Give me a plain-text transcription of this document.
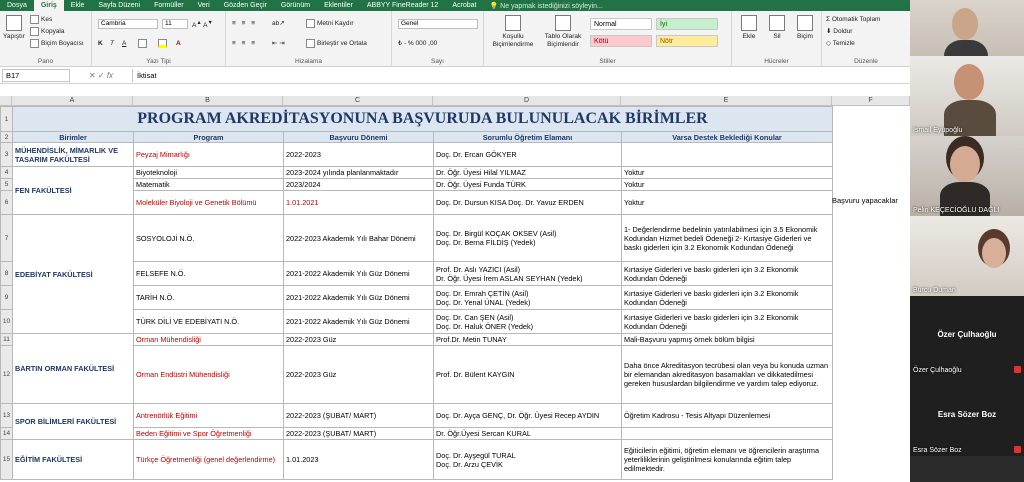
Dosya	Giriş	Ekle	Sayfa Düzeni	Formüller	Veri	Gözden Geçir	Görünüm	Eklentiler	ABBYY FineReader 12	Acrobat	💡 Ne yapmak istediğinizi söyleyin...
Yapıştır
Kes
Kopyala
Biçim Boyacısı
Pano
Cambria	11	A▲ A▼
K T A	A
Yazı Tipi
≡ ≡ ≡ ab↗	Metni Kaydır
≡ ≡ ≡ ⇤ ⇥	Birleştir ve Ortala
Hizalama
Genel
₺ - % 000 ,00
Sayı
Koşullu Biçimlendirme
Tablo Olarak Biçimlendir
Normal	İyi
Kötü	Nötr
Stiller
Ekle	Sil	Biçim
Hücreler
Σ Otomatik Toplam
⬇ Doldur
◇ Temizle
Düzenle
B17	✕ ✓ fx	İktisat
A	B	C	D	E	F
1	PROGRAM AKREDİTASYONUNA BAŞVURUDA BULUNULACAK BİRİMLER				
2	Birimler	Program	Başvuru Dönemi	Sorumlu Öğretim Elamanı	Varsa Destek Beklediği Konular
3	MÜHENDİSLİK, MİMARLIK VE TASARIM FAKÜLTESİ	Peyzaj Mimarlığı	2022-2023	Doç. Dr. Ercan GÖKYER	
4	FEN FAKÜLTESİ	Biyoteknoloji	2023-2024 yılında planlanmaktadır	Dr. Öğr. Üyesi Hilal YILMAZ	Yoktur
5		Matematik	2023/2024	Dr. Öğr. Üyesi Funda TÜRK	Yoktur
6		Moleküler Biyoloji ve Genetik Bölümü	1.01.2021	Doç. Dr. Dursun KISA Doç. Dr. Yavuz ERDEN	Yoktur
7	EDEBİYAT FAKÜLTESİ	SOSYOLOJİ N.Ö.	2022-2023 Akademik Yılı Bahar Dönemi	Doç. Dr. Birgül KOÇAK OKSEV (Asil)
Doç. Dr. Berna FİLDİŞ (Yedek)	1- Değerlendirme bedelinin yatırılabilmesi için 3.5 Ekonomik Kodundan Hizmet bedeli Ödeneği 2- Kırtasiye Giderleri ve baskı giderleri için 3.2 Ekonomik Kodundan Ödeneği
8		FELSEFE N.Ö.	2021-2022 Akademik Yılı Güz Dönemi	Prof. Dr. Aslı YAZICI (Asil)
Dr. Öğr. Üyesi İrem ASLAN SEYHAN (Yedek)	Kırtasiye Giderleri ve baskı giderleri için 3.2 Ekonomik Kodundan Ödeneği
9		TARİH N.Ö.	2021-2022 Akademik Yılı Güz Dönemi	Doç. Dr. Emrah ÇETİN (Asil)
Doç. Dr. Yenal ÜNAL (Yedek)	Kırtasiye Giderleri ve baskı giderleri için 3.2 Ekonomik Kodundan Ödeneği
10		TÜRK DİLİ VE EDEBİYATI N.Ö.	2021-2022 Akademik Yılı Güz Dönemi	Doç. Dr. Can ŞEN (Asil)
Doç. Dr. Haluk ÖNER (Yedek)	Kırtasiye Giderleri ve baskı giderleri için 3.2 Ekonomik Kodundan Ödeneği
11	BARTIN ORMAN FAKÜLTESİ	Orman Mühendisliği	2022-2023 Güz	Prof.Dr. Metin TUNAY	Mali-Başvuru yapmış örnek bölüm bilgisi
12		Orman Endüstri Mühendisliği	2022-2023 Güz	Prof. Dr. Bülent KAYGIN	Daha önce Akreditasyon tecrübesi olan veya bu konuda uzman bir elemandan akreditasyon basamakları ve dikkatedilmesi gereken hususlardan bilgilendirme ve yardım talep ediyoruz.
13	SPOR BİLİMLERİ FAKÜLTESİ	Antrenörlük Eğitimi	2022-2023 (ŞUBAT/ MART)	Doç. Dr. Ayça GENÇ, Dr. Öğr. Üyesi Recep AYDIN	Öğretim Kadrosu - Tesis Altyapı Düzenlemesi
14		Beden Eğitimi ve Spor Öğretmenliği	2022-2023 (ŞUBAT/ MART)	Dr. Öğr.Üyesi Sercan KURAL	
15	EĞİTİM FAKÜLTESİ	Türkçe Öğretmenliği (genel değerlendirme)	1.01.2023	Doç. Dr. Ayşegül TURAL
Doç. Dr. Arzu ÇEVİK	Eğiticilerin eğitimi, öğretim elemanı ve öğrencilerin araştırma yeterliliklerinin geliştirilmesi konularında eğitim talep edilmektedir.
Başvuru yapacaklar
İsmail Eyüpoğlu
Pelin KEÇECİOĞLU DAĞLI
Burcu Duman
Özer Çulhaoğlu
Özer Çulhaoğlu
Esra Sözer Boz
Esra Sözer Boz
